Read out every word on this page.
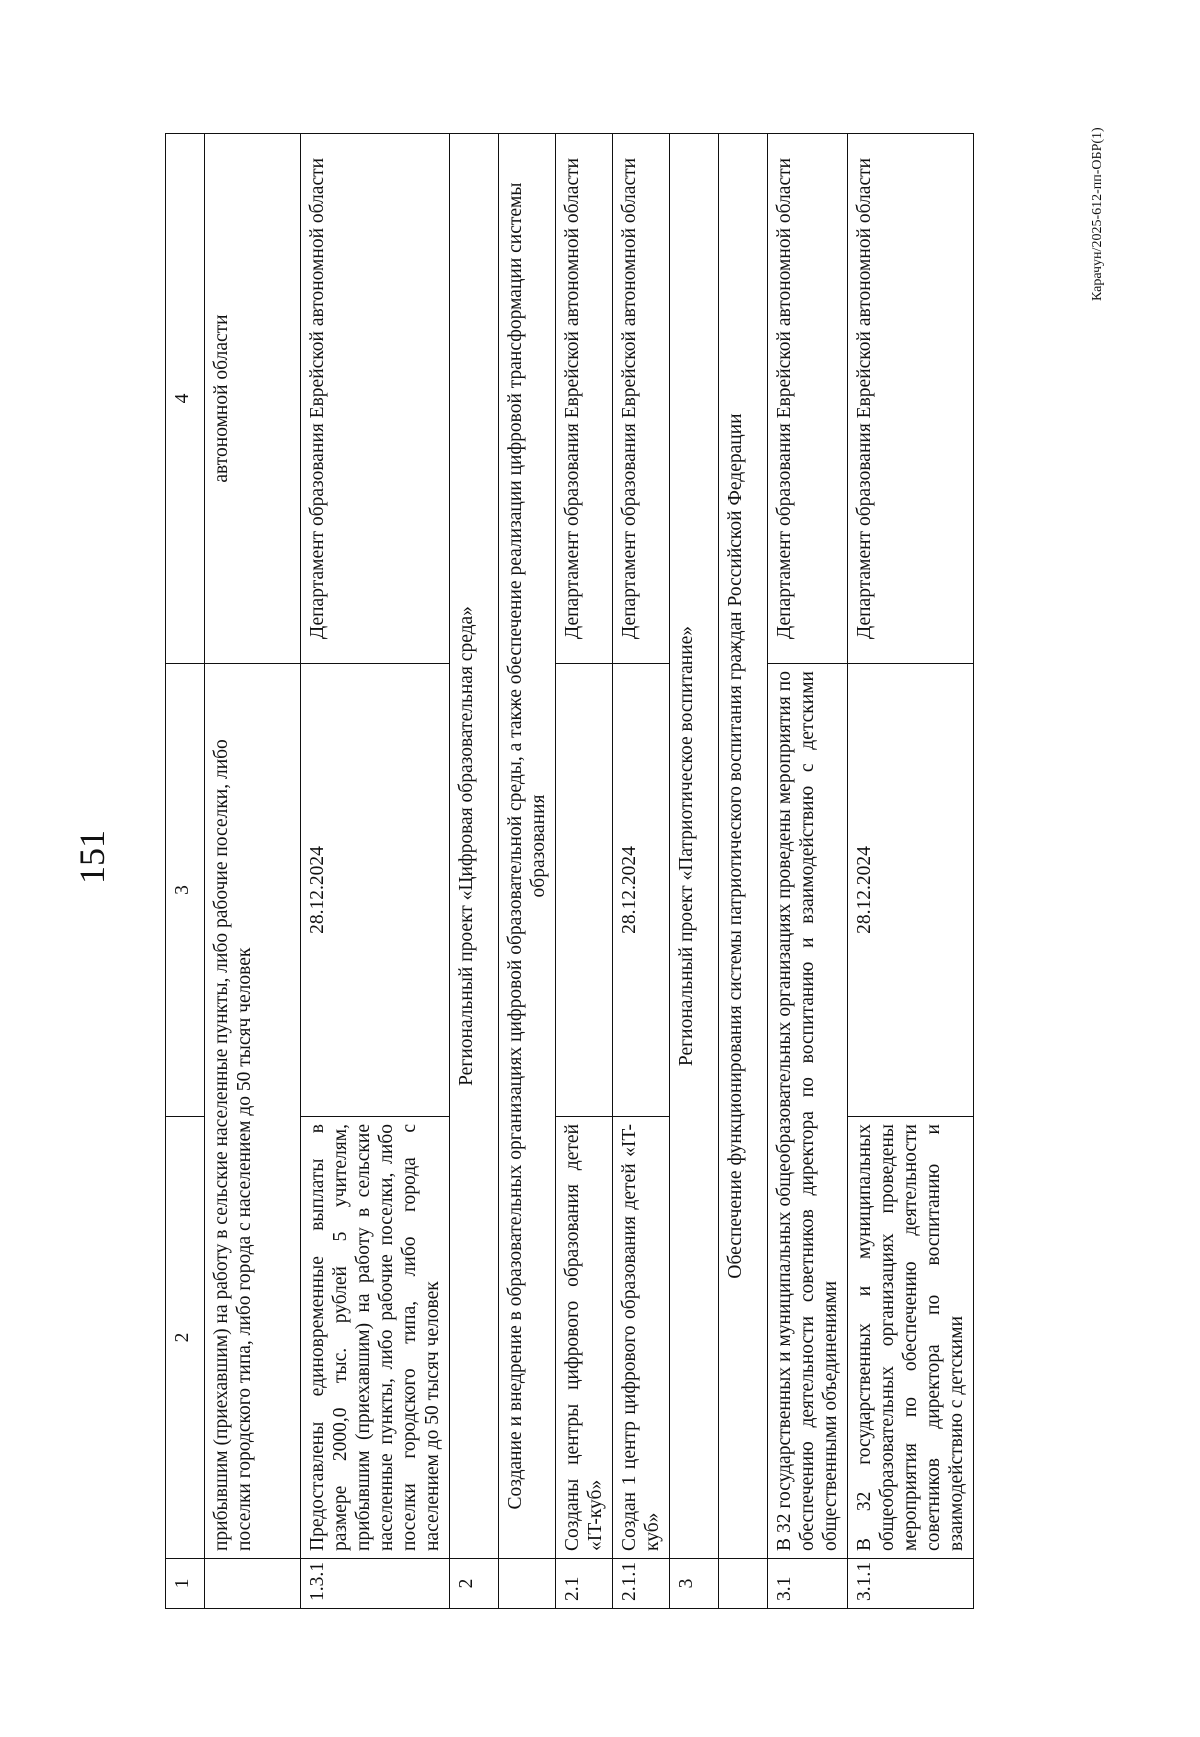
151
1	2	3	4
	прибывшим (приехавшим) на работу в сельские населенные пункты, либо рабочие поселки, либо поселки городского типа, либо города с населением до 50 тысяч человек		автономной области
1.3.1	Предоставлены единовременные выплаты в размере 2000,0 тыс. рублей 5 учителям, прибывшим (приехавшим) на работу в сельские населенные пункты, либо рабочие поселки, либо поселки городского типа, либо города с населением до 50 тысяч человек	28.12.2024	Департамент образования Еврейской автономной области
2	Региональный проект «Цифровая образовательная среда»		
	Создание и внедрение в образовательных организациях цифровой образовательной среды, а также обеспечение реализации цифровой трансформации системы образования		
2.1	Созданы центры цифрового образования детей «IT-куб»		Департамент образования Еврейской автономной области
2.1.1	Создан 1 центр цифрового образования детей «IT-куб»	28.12.2024	Департамент образования Еврейской автономной области
3	Региональный проект «Патриотическое воспитание»		
	Обеспечение функционирования системы патриотического воспитания граждан Российской Федерации		
3.1	В 32 государственных и муниципальных общеобразовательных организациях проведены мероприятия по обеспечению деятельности советников директора по воспитанию и взаимодействию с детскими общественными объединениями		Департамент образования Еврейской автономной области
3.1.1	В 32 государственных и муниципальных общеобразовательных организациях проведены мероприятия по обеспечению деятельности советников директора по воспитанию и взаимодействию с детскими	28.12.2024	Департамент образования Еврейской автономной области	Карачун/2025-612-пп-ОБР(1)
